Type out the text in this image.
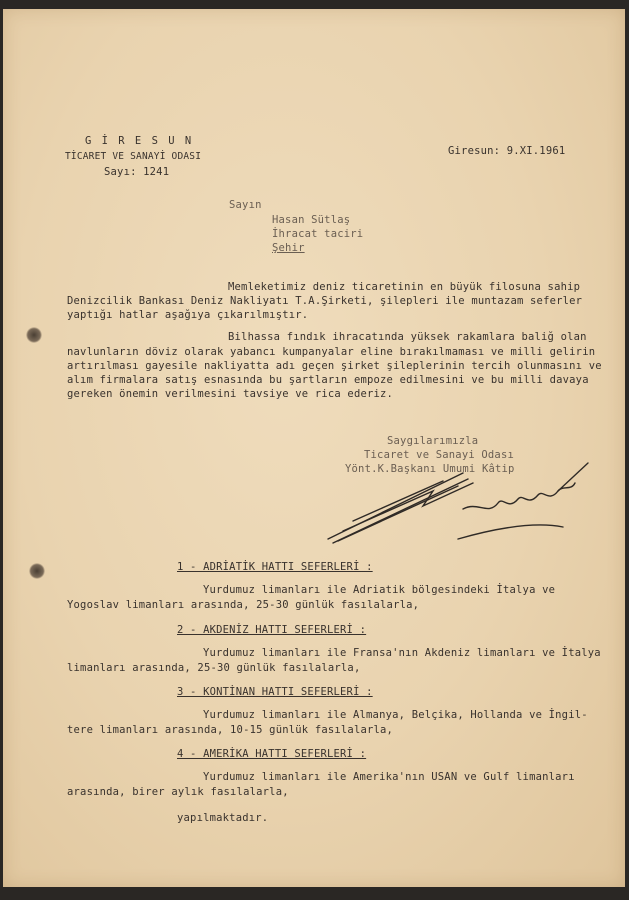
G İ R E S U N
TİCARET VE SANAYİ ODASI
Sayı: 1241
Giresun: 9.XI.1961
Sayın
Hasan Sütlaş
İhracat taciri
Şehir
Memleketimiz deniz ticaretinin en büyük filosuna sahip
Denizcilik Bankası Deniz Nakliyatı T.A.Şirketi, şilepleri ile muntazam seferler
yaptığı hatlar aşağıya çıkarılmıştır.
Bilhassa fındık ihracatında yüksek rakamlara baliğ olan
navlunların döviz olarak yabancı kumpanyalar eline bırakılmaması ve milli gelirin
artırılması gayesile nakliyatta adı geçen şirket şileplerinin tercih olunmasını ve
alım firmalara satış esnasında bu şartların empoze edilmesini ve bu milli davaya
gereken önemin verilmesini tavsiye ve rica ederiz.
Saygılarımızla
Ticaret ve Sanayi Odası
Yönt.K.Başkanı Umumi Kâtip
1 - ADRİATİK HATTI SEFERLERİ :
Yurdumuz limanları ile Adriatik bölgesindeki İtalya ve
Yogoslav limanları arasında, 25-30 günlük fasılalarla,
2 - AKDENİZ HATTI SEFERLERİ :
Yurdumuz limanları ile Fransa'nın Akdeniz limanları ve İtalya
limanları arasında, 25-30 günlük fasılalarla,
3 - KONTİNAN HATTI SEFERLERİ :
Yurdumuz limanları ile Almanya, Belçika, Hollanda ve İngil-
tere limanları arasında, 10-15 günlük fasılalarla,
4 - AMERİKA HATTI SEFERLERİ :
Yurdumuz limanları ile Amerika'nın USAN ve Gulf limanları
arasında, birer aylık fasılalarla,
yapılmaktadır.
